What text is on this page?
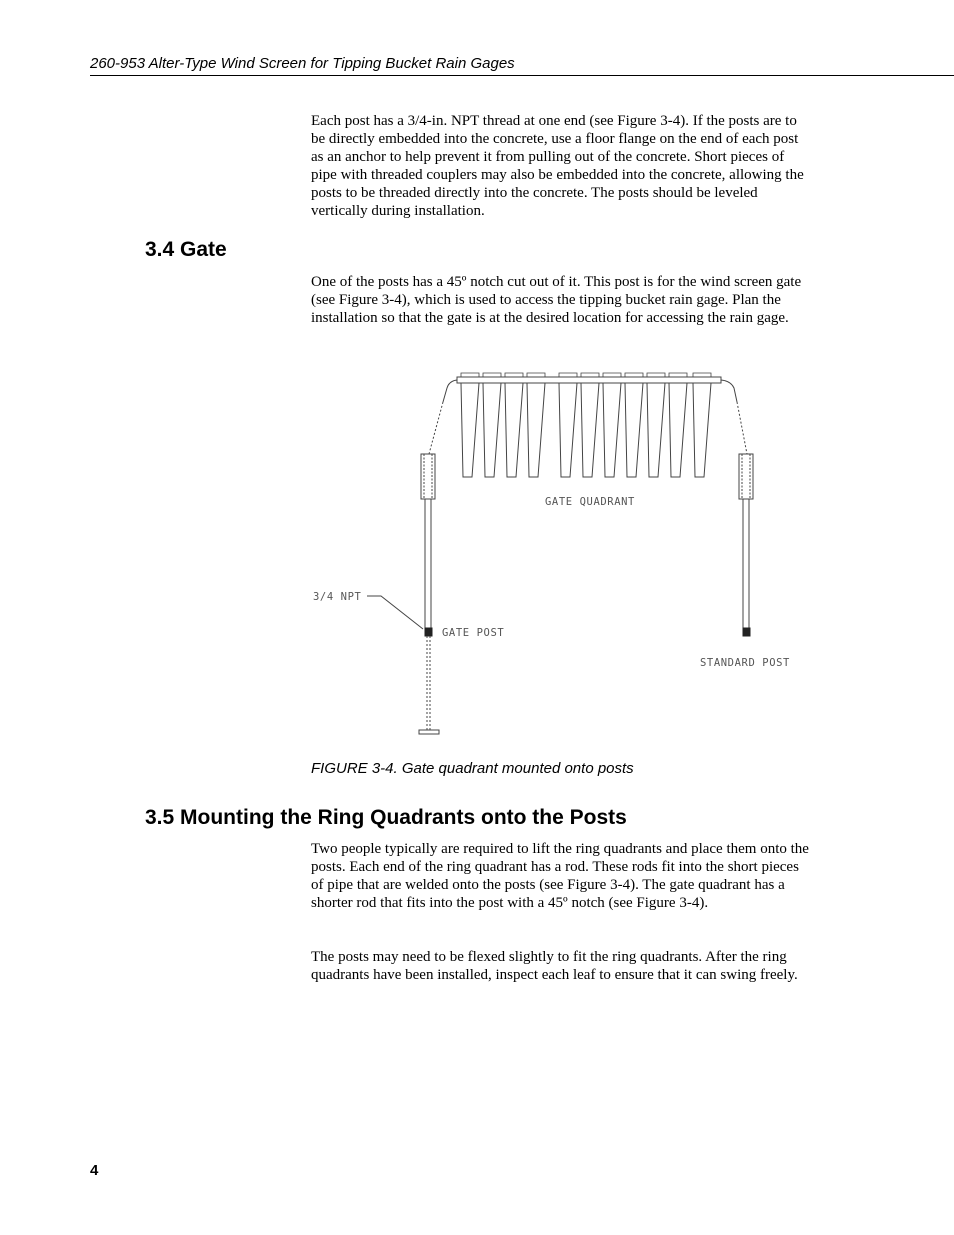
260-953 Alter-Type Wind Screen for Tipping Bucket Rain Gages

Each post has a 3/4-in. NPT thread at one end (see Figure 3-4). If the posts are to be directly embedded into the concrete, use a floor flange on the end of each post as an anchor to help prevent it from pulling out of the concrete. Short pieces of pipe with threaded couplers may also be embedded into the concrete, allowing the posts to be threaded directly into the concrete. The posts should be leveled vertically during installation.

3.4 Gate

One of the posts has a 45º notch cut out of it. This post is for the wind screen gate (see Figure 3-4), which is used to access the tipping bucket rain gage. Plan the installation so that the gate is at the desired location for accessing the rain gage.

GATE QUADRANT
3/4 NPT
GATE POST
STANDARD POST
FIGURE 3-4. Gate quadrant mounted onto posts
3.5 Mounting the Ring Quadrants onto the Posts

Two people typically are required to lift the ring quadrants and place them onto the posts. Each end of the ring quadrant has a rod. These rods fit into the short pieces of pipe that are welded onto the posts (see Figure 3-4). The gate quadrant has a shorter rod that fits into the post with a 45º notch (see Figure 3-4).

The posts may need to be flexed slightly to fit the ring quadrants. After the ring quadrants have been installed, inspect each leaf to ensure that it can swing freely.

4
